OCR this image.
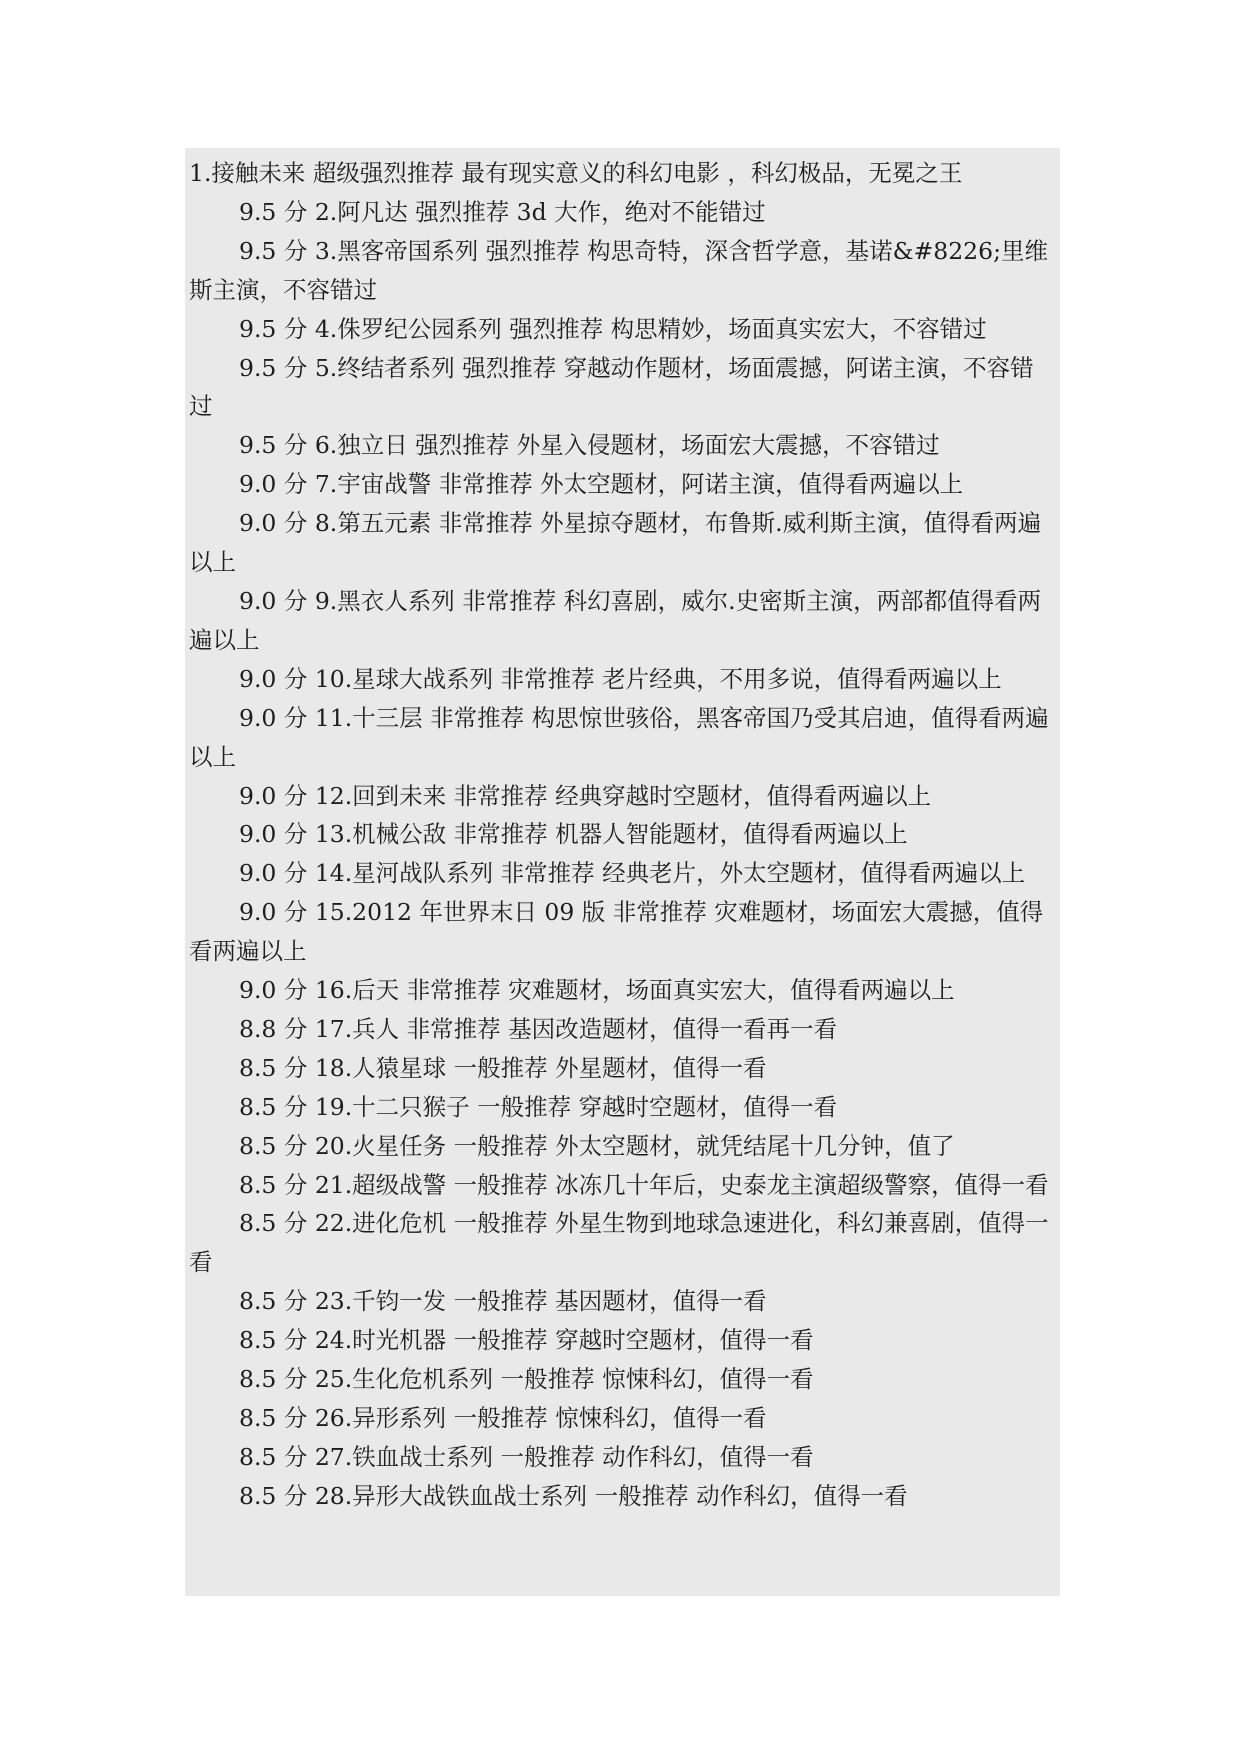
1.接触未来 超级强烈推荐 最有现实意义的科幻电影 ，科幻极品，无冕之王

9.5 分 2.阿凡达 强烈推荐 3d 大作，绝对不能错过

9.5 分 3.黑客帝国系列 强烈推荐 构思奇特，深含哲学意，基诺&#8226;里维斯主演，不容错过

9.5 分 4.侏罗纪公园系列 强烈推荐 构思精妙，场面真实宏大，不容错过

9.5 分 5.终结者系列 强烈推荐 穿越动作题材，场面震撼，阿诺主演，不容错过

9.5 分 6.独立日 强烈推荐 外星入侵题材，场面宏大震撼，不容错过

9.0 分 7.宇宙战警 非常推荐 外太空题材，阿诺主演，值得看两遍以上

9.0 分 8.第五元素 非常推荐 外星掠夺题材，布鲁斯.威利斯主演，值得看两遍以上

9.0 分 9.黑衣人系列 非常推荐 科幻喜剧，威尔.史密斯主演，两部都值得看两遍以上

9.0 分 10.星球大战系列 非常推荐 老片经典，不用多说，值得看两遍以上

9.0 分 11.十三层 非常推荐 构思惊世骇俗，黑客帝国乃受其启迪，值得看两遍以上

9.0 分 12.回到未来 非常推荐 经典穿越时空题材，值得看两遍以上

9.0 分 13.机械公敌 非常推荐 机器人智能题材，值得看两遍以上

9.0 分 14.星河战队系列 非常推荐 经典老片，外太空题材，值得看两遍以上

9.0 分 15.2012 年世界末日 09 版 非常推荐 灾难题材，场面宏大震撼，值得看两遍以上

9.0 分 16.后天 非常推荐 灾难题材，场面真实宏大，值得看两遍以上

8.8 分 17.兵人 非常推荐 基因改造题材，值得一看再一看

8.5 分 18.人猿星球 一般推荐 外星题材，值得一看

8.5 分 19.十二只猴子 一般推荐 穿越时空题材，值得一看

8.5 分 20.火星任务 一般推荐 外太空题材，就凭结尾十几分钟，值了

8.5 分 21.超级战警 一般推荐 冰冻几十年后，史泰龙主演超级警察，值得一看

8.5 分 22.进化危机 一般推荐 外星生物到地球急速进化，科幻兼喜剧，值得一看

8.5 分 23.千钧一发 一般推荐 基因题材，值得一看

8.5 分 24.时光机器 一般推荐 穿越时空题材，值得一看

8.5 分 25.生化危机系列 一般推荐 惊悚科幻，值得一看

8.5 分 26.异形系列 一般推荐 惊悚科幻，值得一看

8.5 分 27.铁血战士系列 一般推荐 动作科幻，值得一看

8.5 分 28.异形大战铁血战士系列 一般推荐 动作科幻，值得一看
